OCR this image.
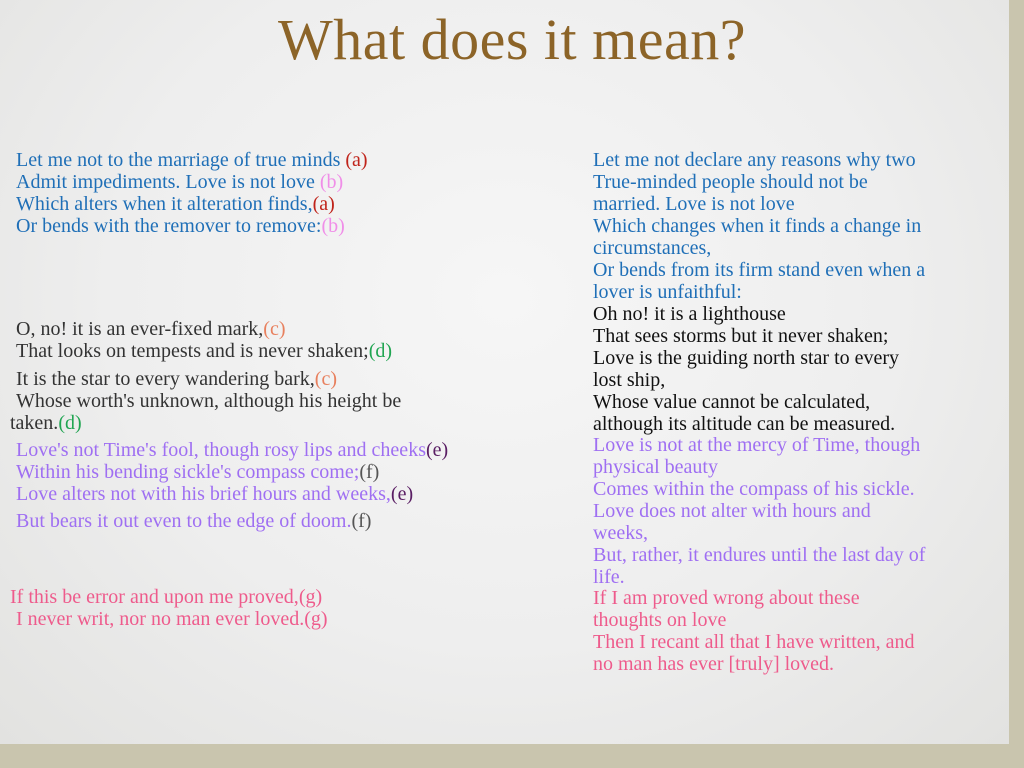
What does it mean?
Let me not to the marriage of true minds (a)
Admit impediments. Love is not love (b)
Which alters when it alteration finds,(a)
Or bends with the remover to remove:(b)
O, no! it is an ever-fixed mark,(c)
That looks on tempests and is never shaken;(d)
It is the star to every wandering bark,(c)
Whose worth's unknown, although his height be
taken.(d)
Love's not Time's fool, though rosy lips and cheeks(e)
Within his bending sickle's compass come;(f)
Love alters not with his brief hours and weeks,(e)
But bears it out even to the edge of doom.(f)
If this be error and upon me proved,(g)
I never writ, nor no man ever loved.(g)
Let me not declare any reasons why two
True-minded people should not be
married. Love is not love
Which changes when it finds a change in
circumstances,
Or bends from its firm stand even when a
lover is unfaithful:
Oh no! it is a lighthouse
That sees storms but it never shaken;
Love is the guiding north star to every
lost ship,
Whose value cannot be calculated,
although its altitude can be measured.
Love is not at the mercy of Time, though
physical beauty
Comes within the compass of his sickle.
Love does not alter with hours and
weeks,
But, rather, it endures until the last day of
life.
If I am proved wrong about these
thoughts on love
Then I recant all that I have written, and
no man has ever [truly] loved.
